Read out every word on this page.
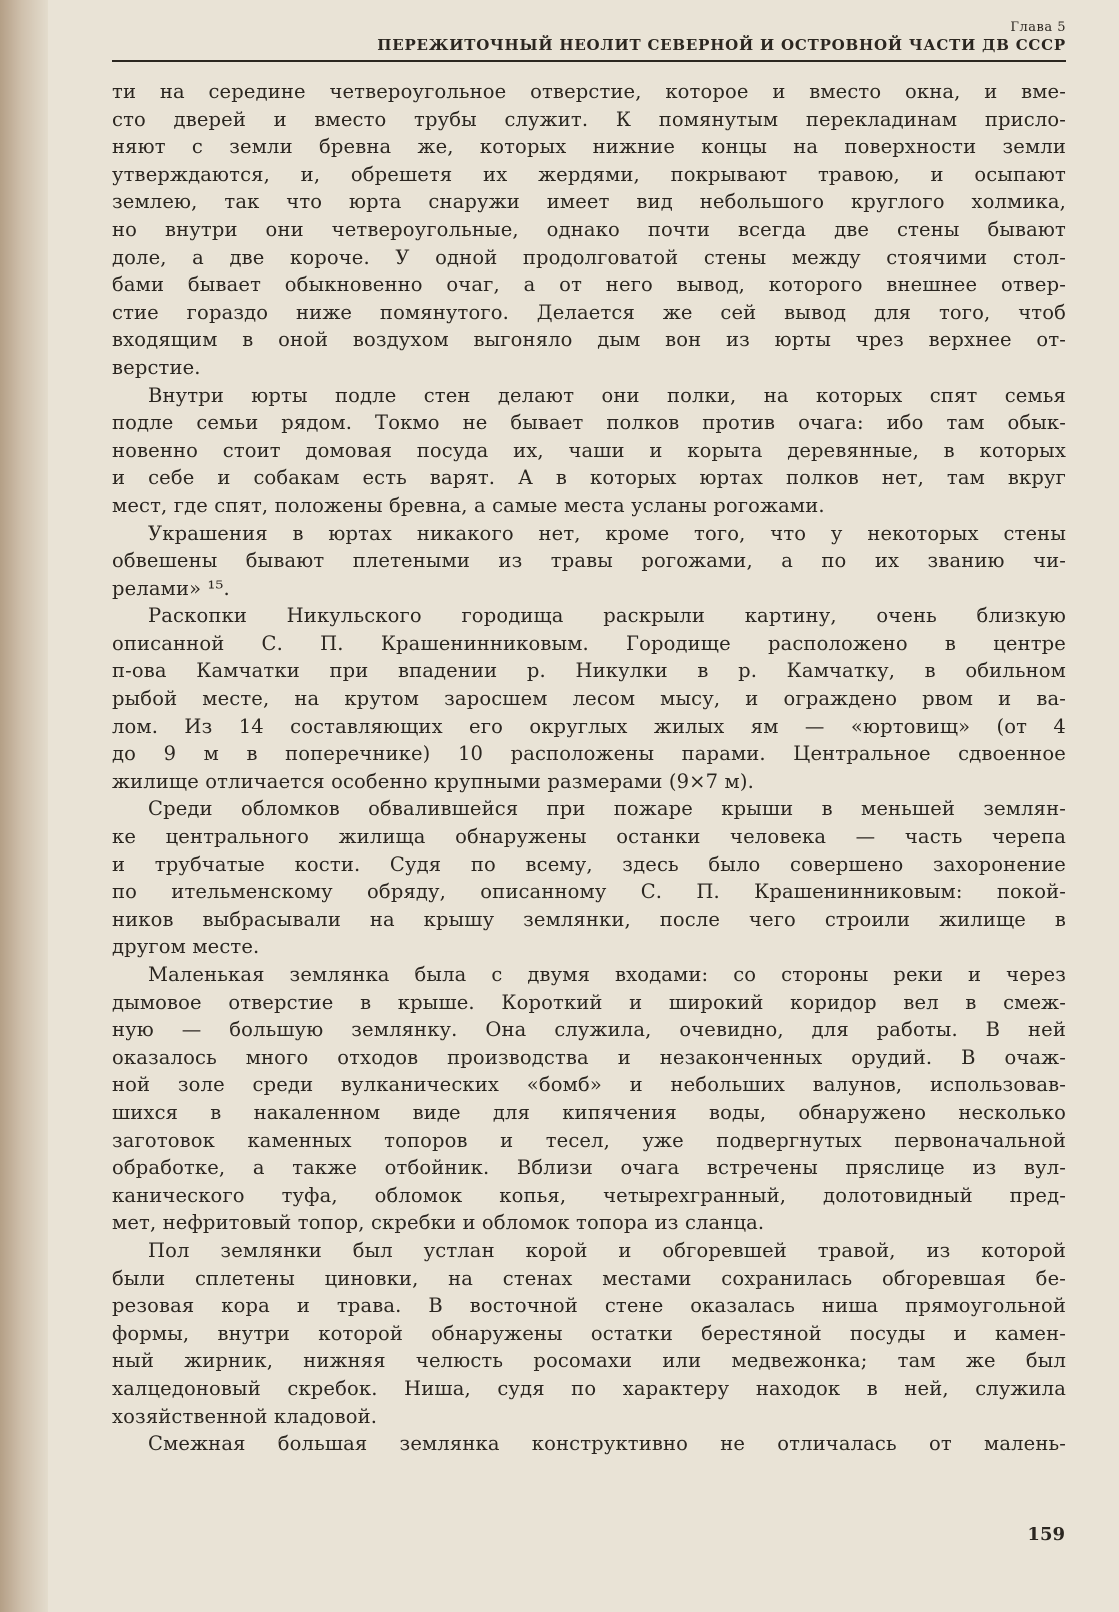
Глава 5
ПЕРЕЖИТОЧНЫЙ НЕОЛИТ СЕВЕРНОЙ И ОСТРОВНОЙ ЧАСТИ ДВ СССР
ти на середине четвероугольное отверстие, которое и вместо окна, и вме-
сто дверей и вместо трубы служит. К помянутым перекладинам присло-
няют с земли бревна же, которых нижние концы на поверхности земли
утверждаются, и, обрешетя их жердями, покрывают травою, и осыпают
землею, так что юрта снаружи имеет вид небольшого круглого холмика,
но внутри они четвероугольные, однако почти всегда две стены бывают
доле, а две короче. У одной продолговатой стены между стоячими стол-
бами бывает обыкновенно очаг, а от него вывод, которого внешнее отвер-
стие гораздо ниже помянутого. Делается же сей вывод для того, чтоб
входящим в оной воздухом выгоняло дым вон из юрты чрез верхнее от-
верстие.
Внутри юрты подле стен делают они полки, на которых спят семья
подле семьи рядом. Токмо не бывает полков против очага: ибо там обык-
новенно стоит домовая посуда их, чаши и корыта деревянные, в которых
и себе и собакам есть варят. А в которых юртах полков нет, там вкруг
мест, где спят, положены бревна, а самые места усланы рогожами.
Украшения в юртах никакого нет, кроме того, что у некоторых стены
обвешены бывают плетеными из травы рогожами, а по их званию чи-
релами» ¹⁵.
Раскопки Никульского городища раскрыли картину, очень близкую
описанной С. П. Крашенинниковым. Городище расположено в центре
п-ова Камчатки при впадении р. Никулки в р. Камчатку, в обильном
рыбой месте, на крутом заросшем лесом мысу, и ограждено рвом и ва-
лом. Из 14 составляющих его округлых жилых ям — «юртовищ» (от 4
до 9 м в поперечнике) 10 расположены парами. Центральное сдвоенное
жилище отличается особенно крупными размерами (9×7 м).
Среди обломков обвалившейся при пожаре крыши в меньшей землян-
ке центрального жилища обнаружены останки человека — часть черепа
и трубчатые кости. Судя по всему, здесь было совершено захоронение
по ительменскому обряду, описанному С. П. Крашенинниковым: покой-
ников выбрасывали на крышу землянки, после чего строили жилище в
другом месте.
Маленькая землянка была с двумя входами: со стороны реки и через
дымовое отверстие в крыше. Короткий и широкий коридор вел в смеж-
ную — большую землянку. Она служила, очевидно, для работы. В ней
оказалось много отходов производства и незаконченных орудий. В очаж-
ной золе среди вулканических «бомб» и небольших валунов, использовав-
шихся в накаленном виде для кипячения воды, обнаружено несколько
заготовок каменных топоров и тесел, уже подвергнутых первоначальной
обработке, а также отбойник. Вблизи очага встречены пряслице из вул-
канического туфа, обломок копья, четырехгранный, долотовидный пред-
мет, нефритовый топор, скребки и обломок топора из сланца.
Пол землянки был устлан корой и обгоревшей травой, из которой
были сплетены циновки, на стенах местами сохранилась обгоревшая бе-
резовая кора и трава. В восточной стене оказалась ниша прямоугольной
формы, внутри которой обнаружены остатки берестяной посуды и камен-
ный жирник, нижняя челюсть росомахи или медвежонка; там же был
халцедоновый скребок. Ниша, судя по характеру находок в ней, служила
хозяйственной кладовой.
Смежная большая землянка конструктивно не отличалась от малень-
159
